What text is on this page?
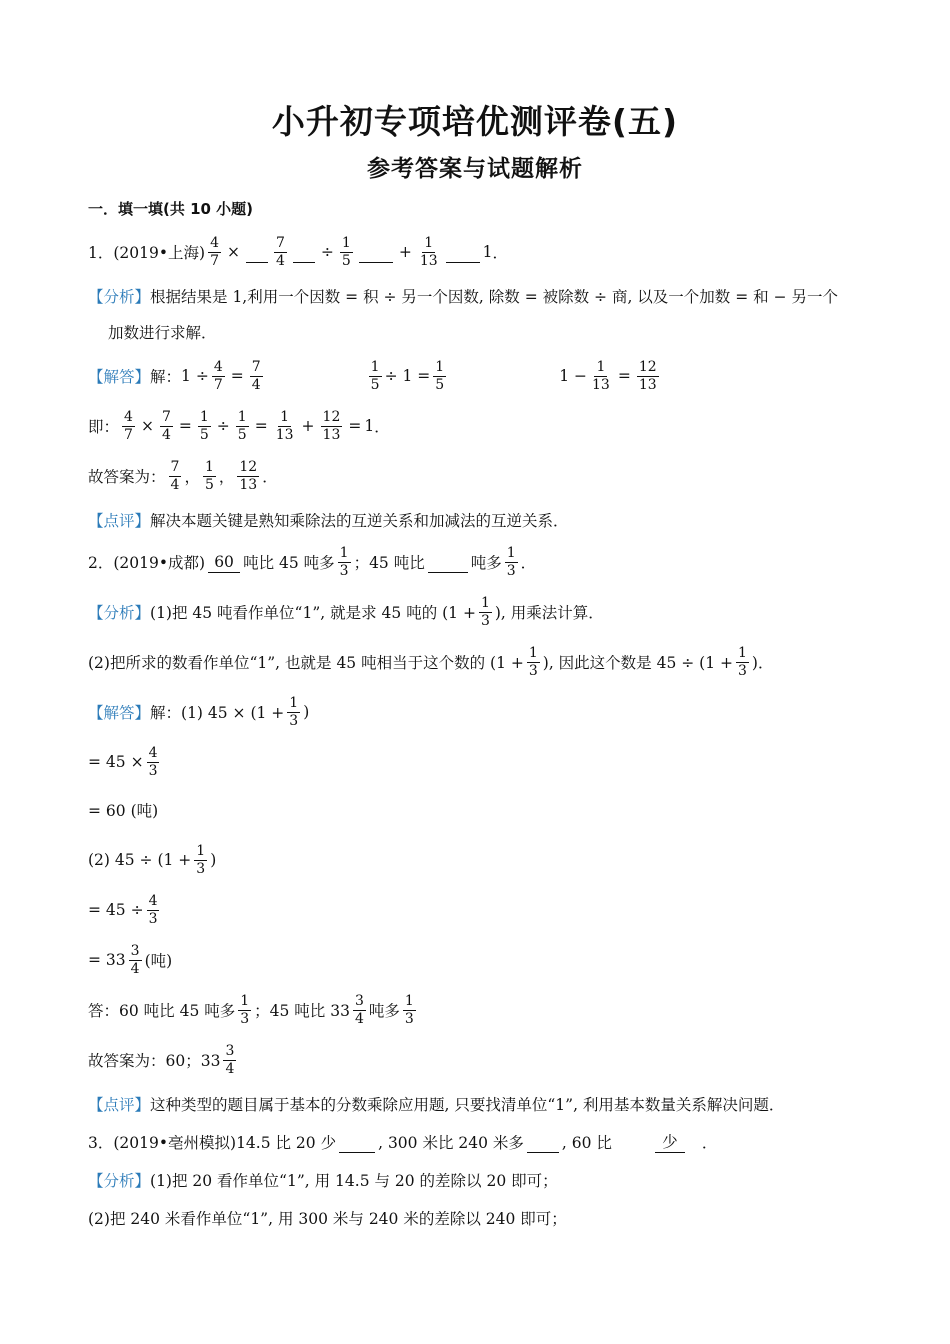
小升初专项培优测评卷(五)
参考答案与试题解析
一．填一填(共 10 小题)
1． (2019•上海) $\frac{4}{7} \times \frac{7}{4} \div \frac{1}{5}$	+ $\frac{1}{13}$	1 ．
【分析】 根据结果是 1,利用一个因数 = 积 ÷ 另一个因数, 除数 = 被除数 ÷ 商, 以及一个加数 = 和 − 另一个
加数进行求解．
【解答】 解： $1 \div \frac{4}{7} = \frac{7}{4}$	$\frac{1}{5} \div 1 = \frac{1}{5}$	$1 - \frac{1}{13} = \frac{12}{13}$
即： $\frac{4}{7} \times \frac{7}{4} = \frac{1}{5} \div \frac{1}{5} = \frac{1}{13} + \frac{12}{13} = 1$ ．
故答案为： $\frac{7}{4}$ ， $\frac{1}{5}$ ， $\frac{12}{13}$ ．
【点评】 解决本题关键是熟知乘除法的互逆关系和加减法的互逆关系．
2． (2019•成都) 60 吨比 45 吨多 $\frac{1}{3}$ ；45 吨比	吨多 $\frac{1}{3}$ ．
【分析】 (1)把 45 吨看作单位“1”, 就是求 45 吨的 ($1 + \frac{1}{3}$ ), 用乘法计算．
(2)把所求的数看作单位“1”, 也就是 45 吨相当于这个数的 ($1 + \frac{1}{3}$ ), 因此这个数是 $45 \div (1 + \frac{1}{3}$ )．
【解答】 解：(1) $45 \times (1 + \frac{1}{3}$ )
= $45 \times \frac{4}{3}$
= 60 (吨)
(2) $45 \div (1 + \frac{1}{3}$ )
= $45 \div \frac{4}{3}$
= $33 \frac{3}{4}$ (吨)
答：60 吨比 45 吨多 $\frac{1}{3}$ ；45 吨比 $33 \frac{3}{4}$ 吨多 $\frac{1}{3}$
故答案为：60；$33 \frac{3}{4}$
【点评】 这种类型的题目属于基本的分数乘除应用题, 只要找清单位“1”, 利用基本数量关系解决问题．
3． (2019•亳州模拟) 14.5 比 20 少	, 300 米比 240 米多 , 60 比	少	．
【分析】 (1)把 20 看作单位“1”, 用 14.5 与 20 的差除以 20 即可；
(2)把 240 米看作单位“1”, 用 300 米与 240 米的差除以 240 即可；
